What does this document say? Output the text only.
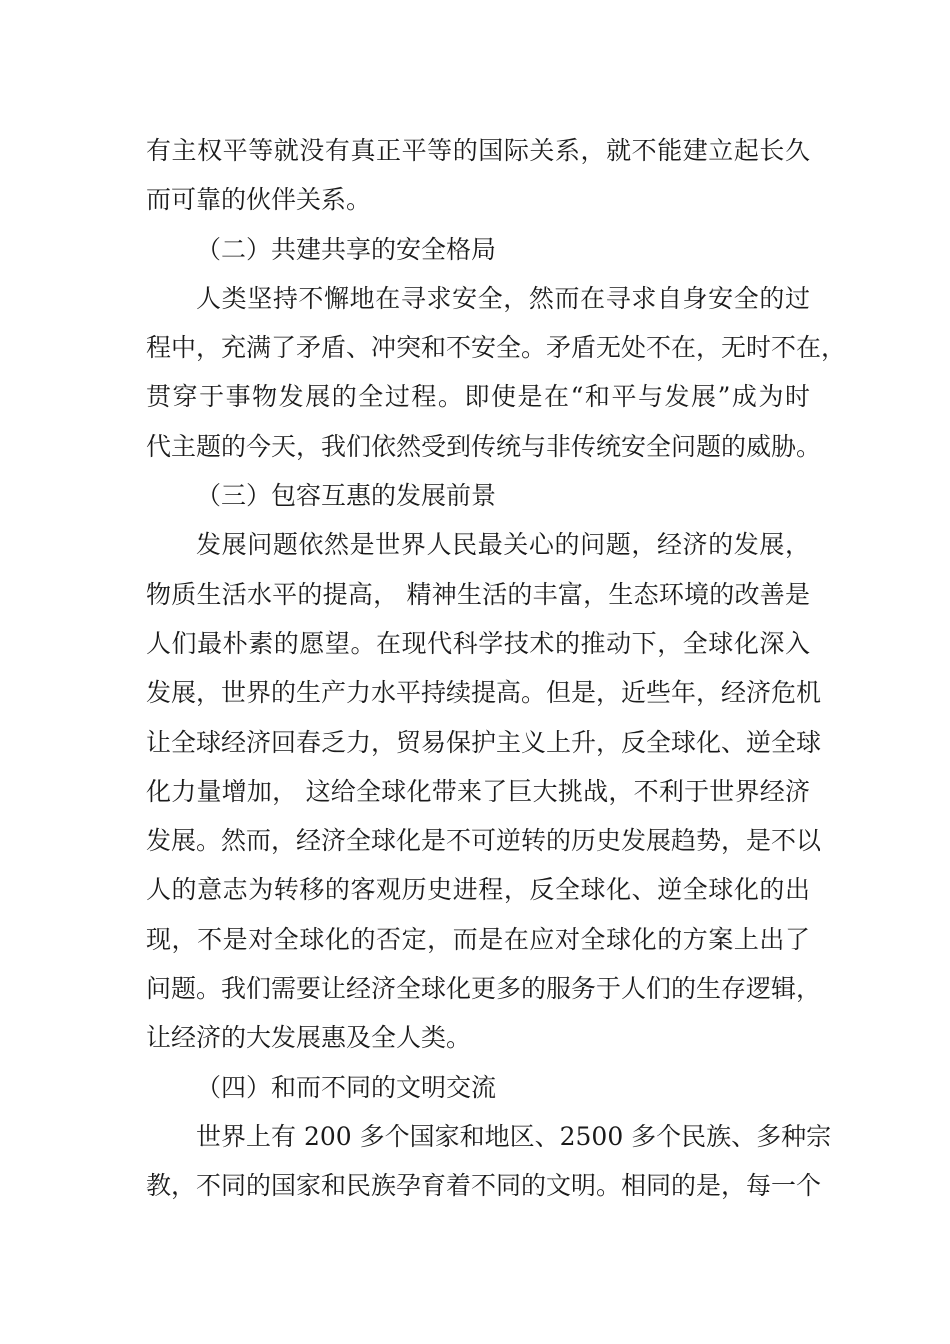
有主权平等就没有真正平等的国际关系，就不能建立起长久
而可靠的伙伴关系。
（二）共建共享的安全格局
人类坚持不懈地在寻求安全，然而在寻求自身安全的过
程中，充满了矛盾、冲突和不安全。矛盾无处不在，无时不在，
贯穿于事物发展的全过程。即使是在“和平与发展”成为时
代主题的今天，我们依然受到传统与非传统安全问题的威胁。
（三）包容互惠的发展前景
发展问题依然是世界人民最关心的问题，经济的发展，
物质生活水平的提高， 精神生活的丰富，生态环境的改善是
人们最朴素的愿望。在现代科学技术的推动下，全球化深入
发展，世界的生产力水平持续提高。但是，近些年，经济危机
让全球经济回春乏力，贸易保护主义上升，反全球化、逆全球
化力量增加， 这给全球化带来了巨大挑战，不利于世界经济
发展。然而，经济全球化是不可逆转的历史发展趋势，是不以
人的意志为转移的客观历史进程，反全球化、逆全球化的出
现，不是对全球化的否定，而是在应对全球化的方案上出了
问题。我们需要让经济全球化更多的服务于人们的生存逻辑，
让经济的大发展惠及全人类。
（四）和而不同的文明交流
世界上有 200 多个国家和地区、2500 多个民族、多种宗
教，不同的国家和民族孕育着不同的文明。相同的是，每一个
